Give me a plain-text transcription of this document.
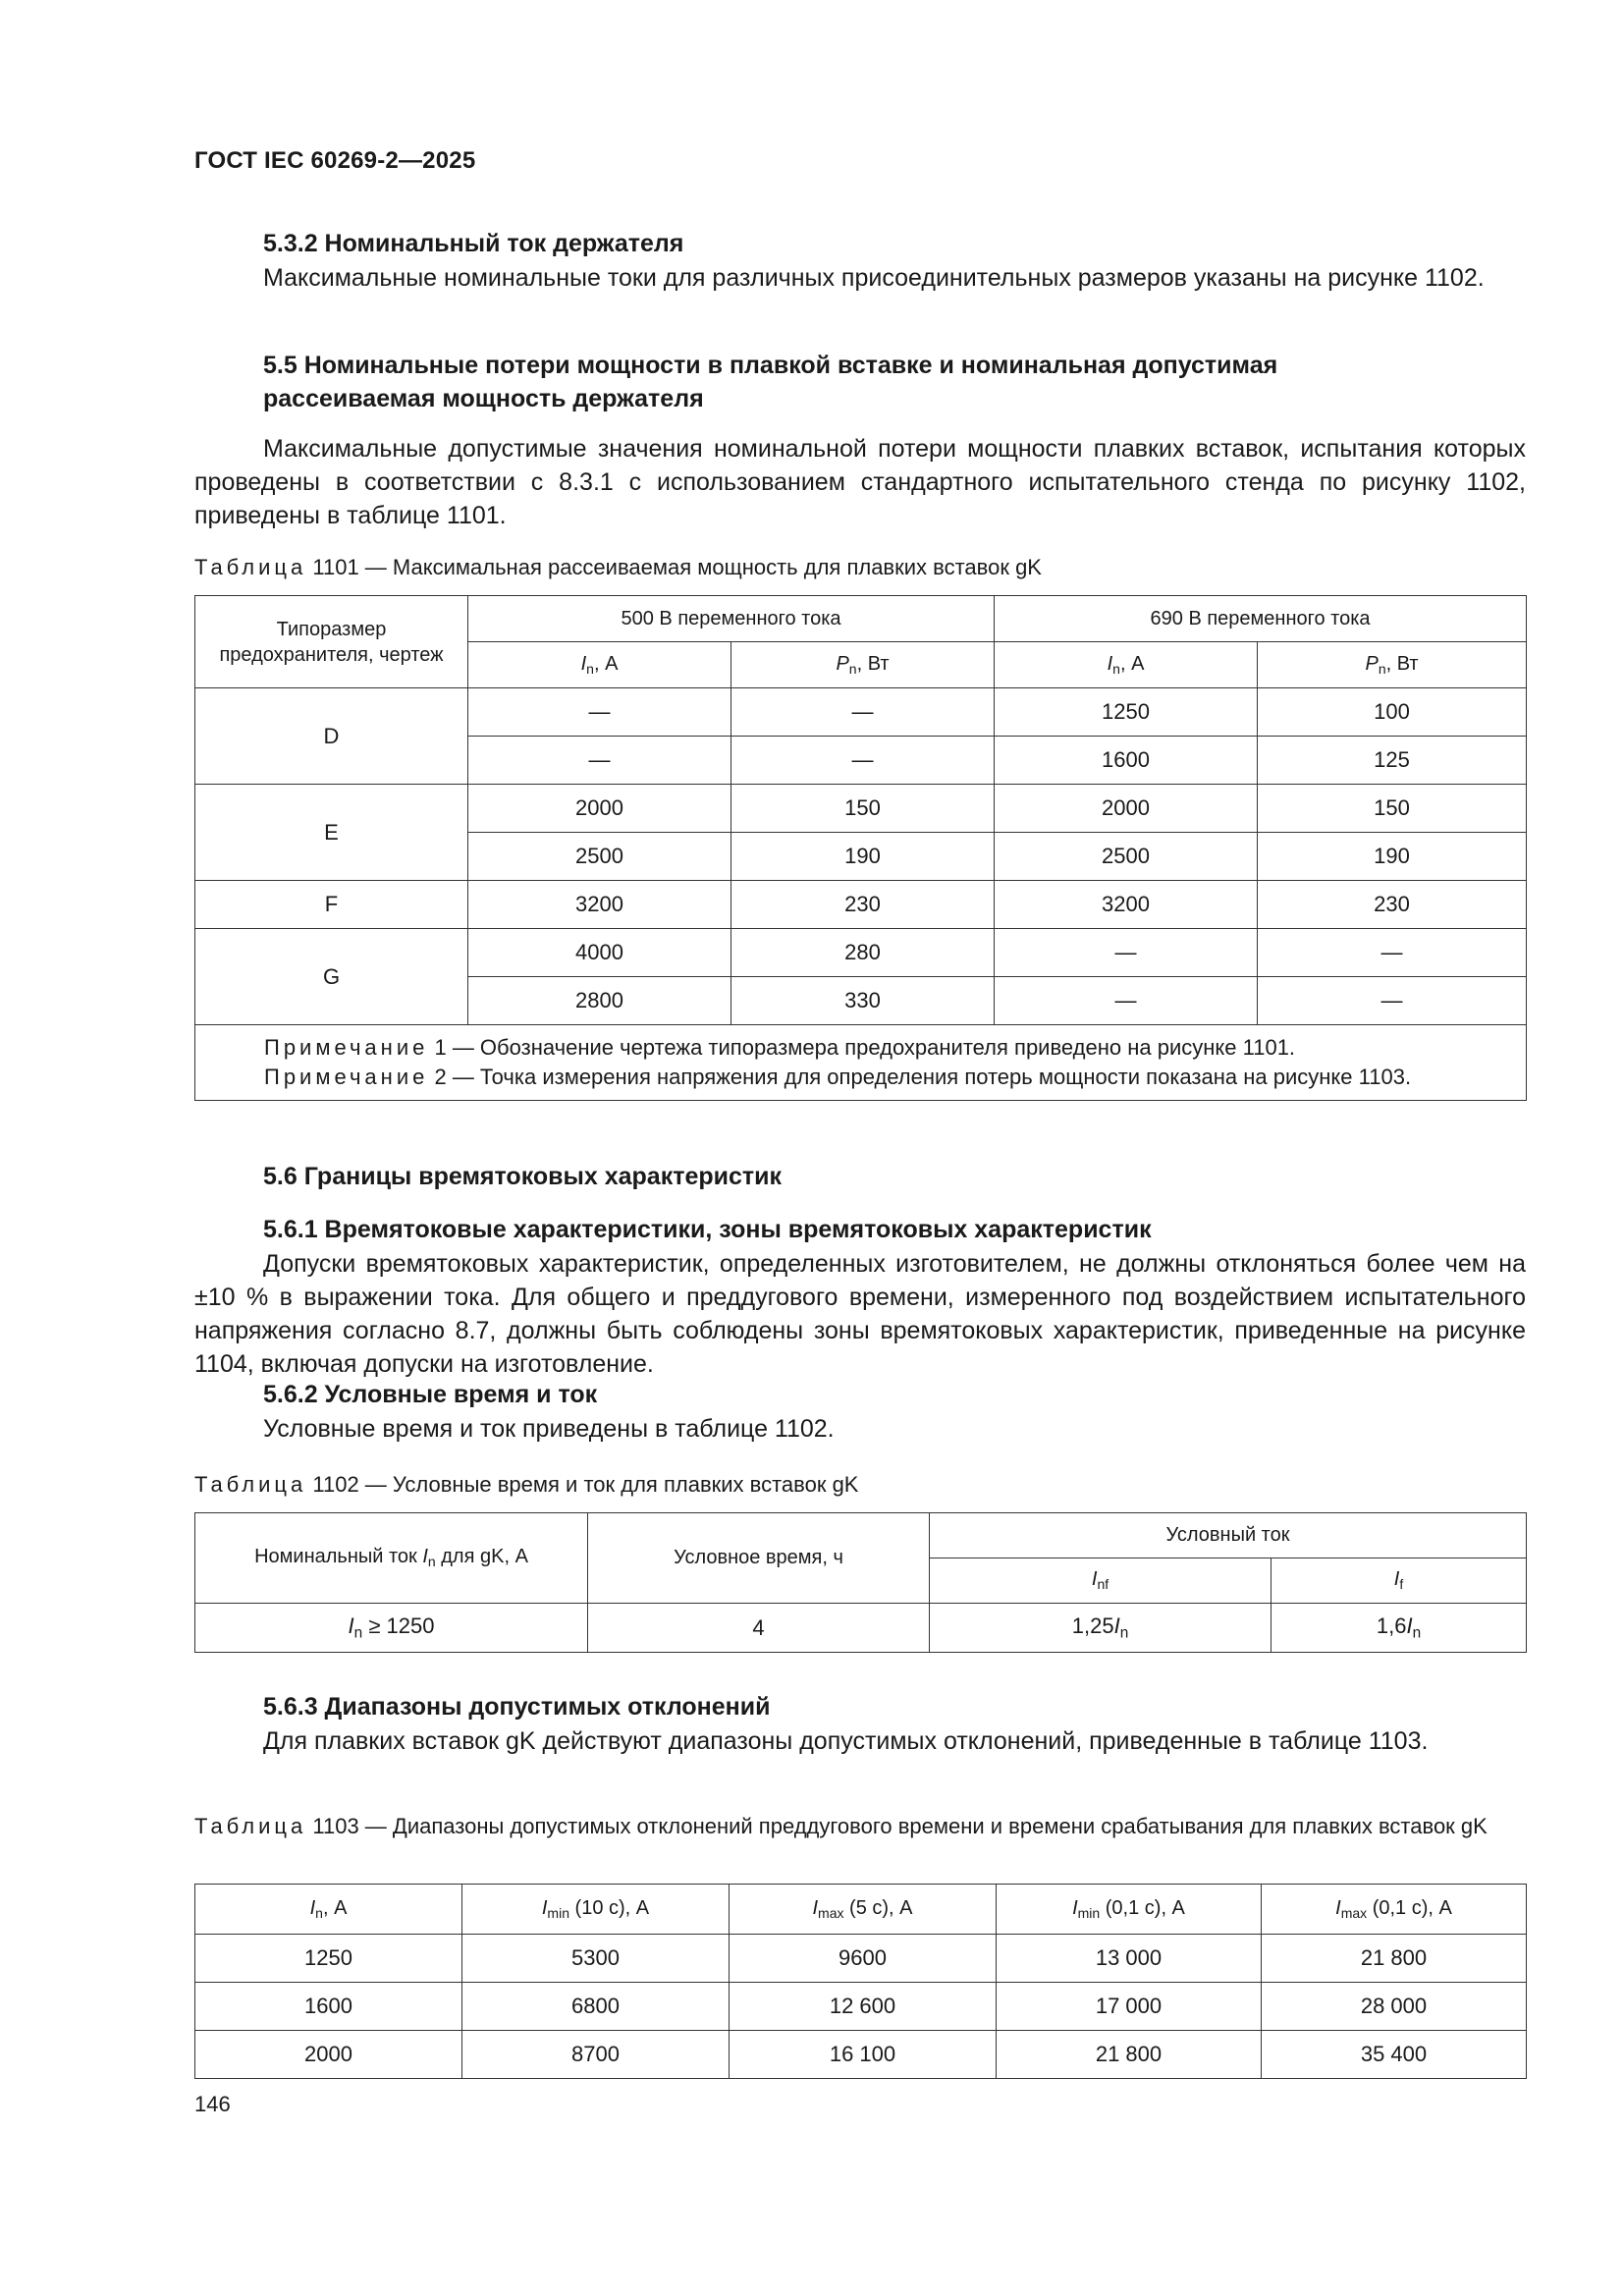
ГОСТ IEC 60269-2—2025
5.3.2 Номинальный ток держателя
Максимальные номинальные токи для различных присоединительных размеров указаны на рисунке 1102.
5.5 Номинальные потери мощности в плавкой вставке и номинальная допустимая
рассеиваемая мощность держателя
Максимальные допустимые значения номинальной потери мощности плавких вставок, испытания которых проведены в соответствии с 8.3.1 с использованием стандартного испытательного стенда по рисунку 1102, приведены в таблице 1101.
Таблица 1101 — Максимальная рассеиваемая мощность для плавких вставок gK
Типоразмер предохранителя, чертеж	500 В переменного тока		690 В переменного тока	
	$I_n$, А	$P_n$, Вт	$I_n$, А	$P_n$, Вт
D	—	—	1250	100
	—	—	1600	125
E	2000	150	2000	150
	2500	190	2500	190
F	3200	230	3200	230
G	4000	280	—	—
	2800	330	—	—

Примечание 1 — Обозначение чертежа типоразмера предохранителя приведено на рисунке 1101.
Примечание 2 — Точка измерения напряжения для определения потерь мощности показана на рисунке 1103.				
5.6 Границы времятоковых характеристик
5.6.1 Времятоковые характеристики, зоны времятоковых характеристик
Допуски времятоковых характеристик, определенных изготовителем, не должны отклоняться более чем на ±10 % в выражении тока. Для общего и преддугового времени, измеренного под воздействием испытательного напряжения согласно 8.7, должны быть соблюдены зоны времятоковых характеристик, приведенные на рисунке 1104, включая допуски на изготовление.
5.6.2 Условные время и ток
Условные время и ток приведены в таблице 1102.
Таблица 1102 — Условные время и ток для плавких вставок gK
Номинальный ток $I_n$ для gK, А	Условное время, ч	Условный ток	
		$I_{nf}$	$I_f$
$I_n \ge 1250$	4	$1,25I_n$	$1,6I_n$
5.6.3 Диапазоны допустимых отклонений
Для плавких вставок gK действуют диапазоны допустимых отклонений, приведенные в таблице 1103.
Таблица 1103 — Диапазоны допустимых отклонений преддугового времени и времени срабатывания для плавких вставок gK
$I_n$, А	$I_{min}$ (10 с), А	$I_{max}$ (5 с), А	$I_{min}$ (0,1 с), А	$I_{max}$ (0,1 с), А
1250	5300	9600	13 000	21 800
1600	6800	12 600	17 000	28 000
2000	8700	16 100	21 800	35 400
146
